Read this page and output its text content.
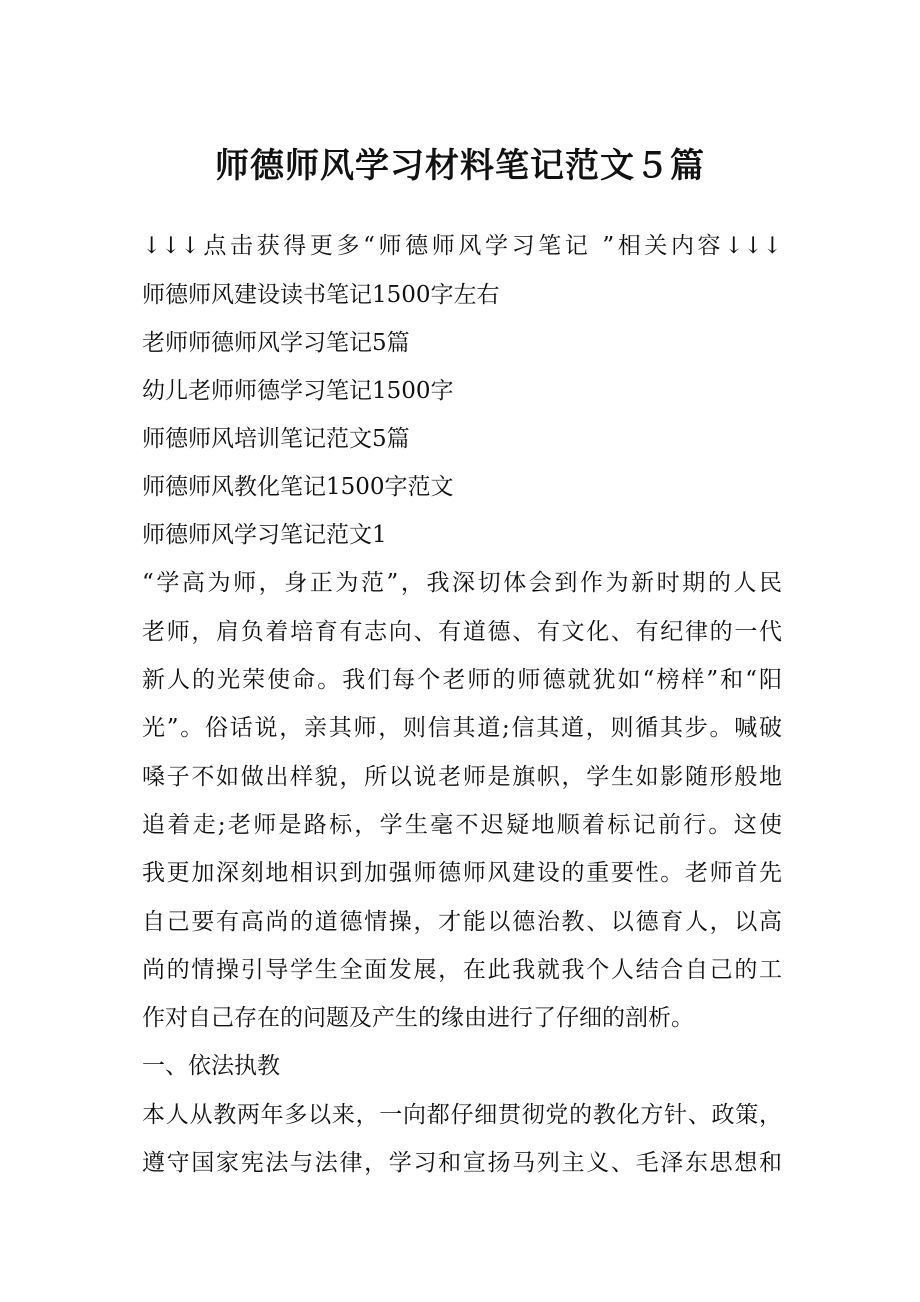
师德师风学习材料笔记范文５篇
↓↓↓点击获得更多“师德师风学习笔记 ”相关内容↓↓↓
师德师风建设读书笔记1500字左右
老师师德师风学习笔记5篇
幼儿老师师德学习笔记1500字
师德师风培训笔记范文5篇
师德师风教化笔记1500字范文
师德师风学习笔记范文1
“学高为师，身正为范”，我深切体会到作为新时期的人民
老师，肩负着培育有志向、有道德、有文化、有纪律的一代
新人的光荣使命。我们每个老师的师德就犹如“榜样”和“阳
光”。俗话说，亲其师，则信其道;信其道，则循其步。喊破
嗓子不如做出样貌，所以说老师是旗帜，学生如影随形般地
追着走;老师是路标，学生毫不迟疑地顺着标记前行。这使
我更加深刻地相识到加强师德师风建设的重要性。老师首先
自己要有高尚的道德情操，才能以德治教、以德育人，以高
尚的情操引导学生全面发展，在此我就我个人结合自己的工
作对自己存在的问题及产生的缘由进行了仔细的剖析。
一、依法执教
本人从教两年多以来，一向都仔细贯彻党的教化方针、政策，
遵守国家宪法与法律，学习和宣扬马列主义、毛泽东思想和
